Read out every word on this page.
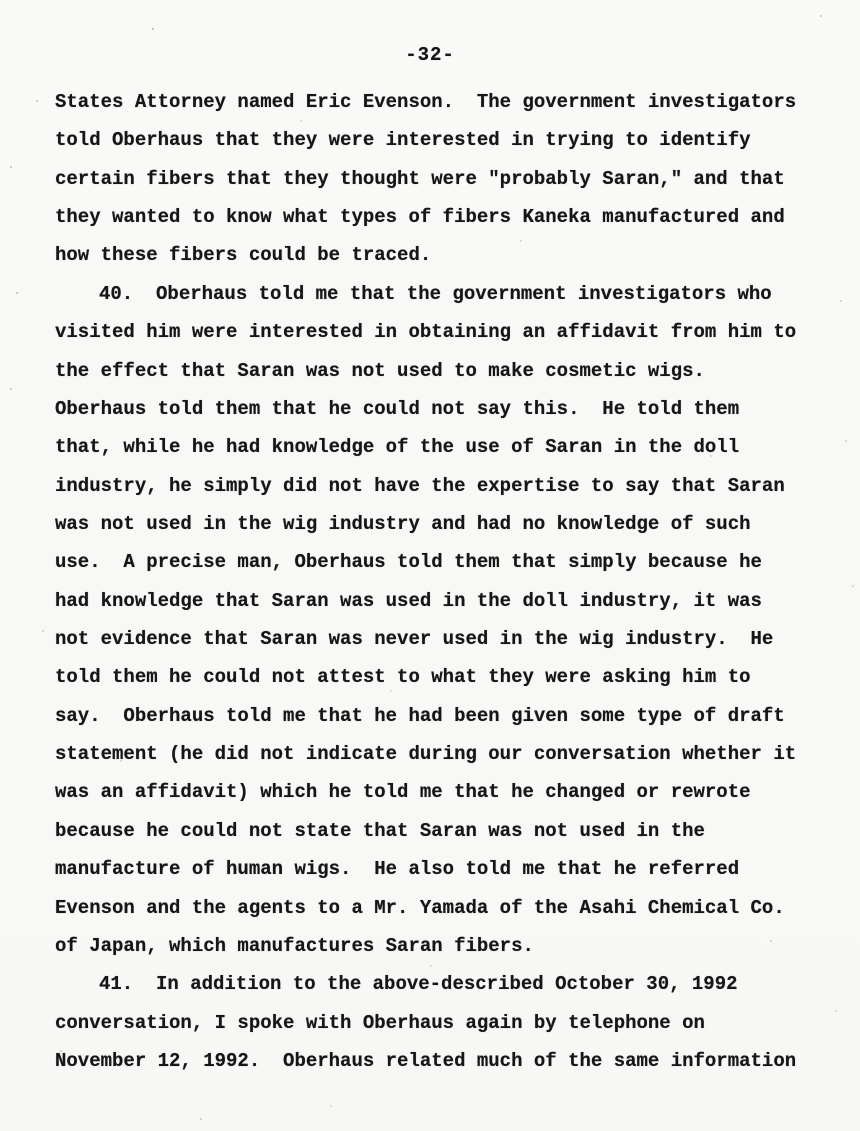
-32-
States Attorney named Eric Evenson.  The government investigators
told Oberhaus that they were interested in trying to identify
certain fibers that they thought were "probably Saran," and that
they wanted to know what types of fibers Kaneka manufactured and
how these fibers could be traced.
40.  Oberhaus told me that the government investigators who
visited him were interested in obtaining an affidavit from him to
the effect that Saran was not used to make cosmetic wigs.
Oberhaus told them that he could not say this.  He told them
that, while he had knowledge of the use of Saran in the doll
industry, he simply did not have the expertise to say that Saran
was not used in the wig industry and had no knowledge of such
use.  A precise man, Oberhaus told them that simply because he
had knowledge that Saran was used in the doll industry, it was
not evidence that Saran was never used in the wig industry.  He
told them he could not attest to what they were asking him to
say.  Oberhaus told me that he had been given some type of draft
statement (he did not indicate during our conversation whether it
was an affidavit) which he told me that he changed or rewrote
because he could not state that Saran was not used in the
manufacture of human wigs.  He also told me that he referred
Evenson and the agents to a Mr. Yamada of the Asahi Chemical Co.
of Japan, which manufactures Saran fibers.
41.  In addition to the above-described October 30, 1992
conversation, I spoke with Oberhaus again by telephone on
November 12, 1992.  Oberhaus related much of the same information
